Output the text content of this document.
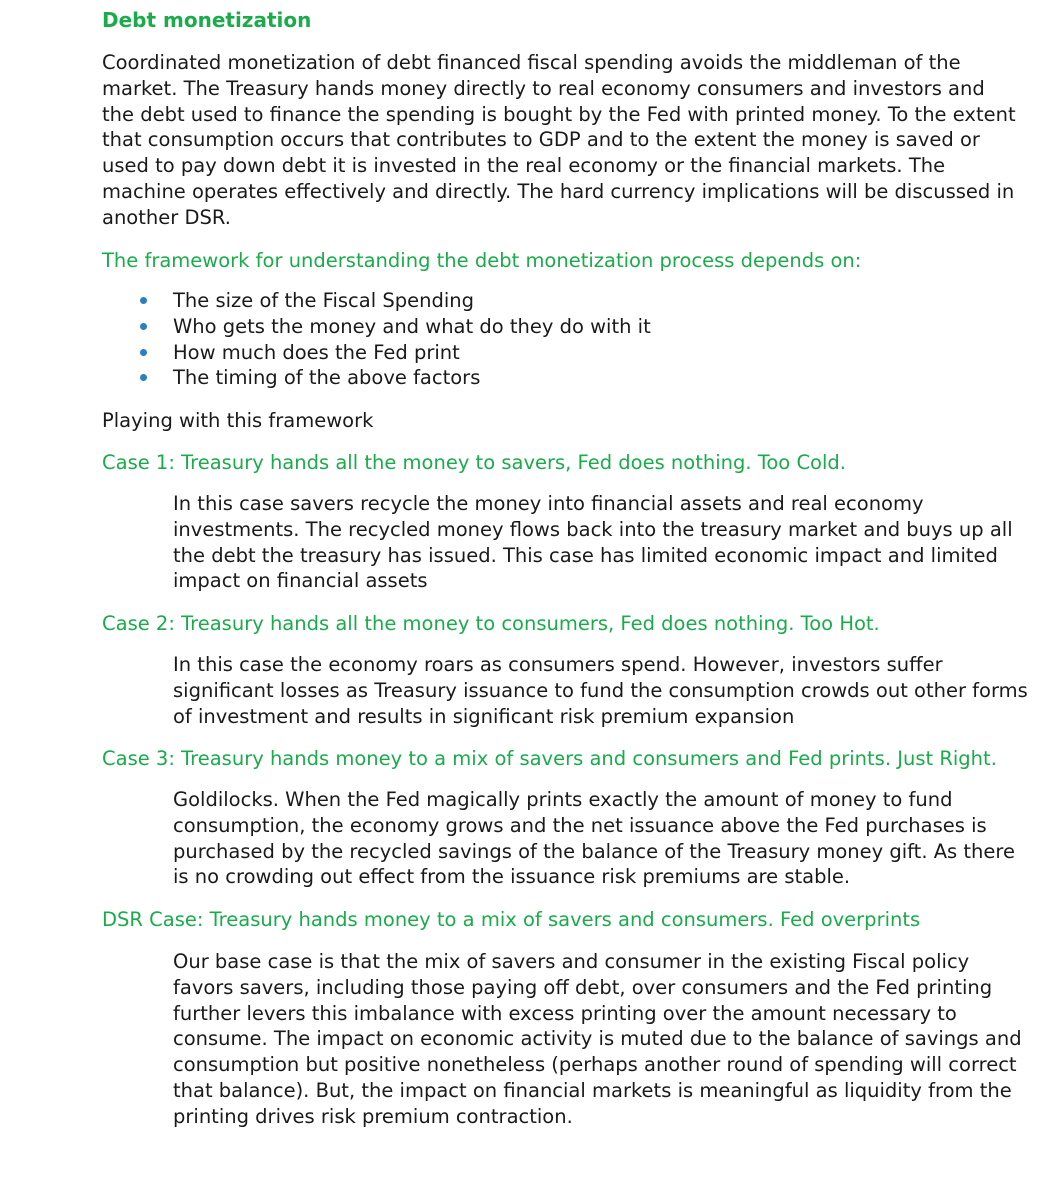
Debt monetization

Coordinated monetization of debt financed fiscal spending avoids the middleman of the market. The Treasury hands money directly to real economy consumers and investors and the debt used to finance the spending is bought by the Fed with printed money. To the extent that consumption occurs that contributes to GDP and to the extent the money is saved or used to pay down debt it is invested in the real economy or the financial markets. The machine operates effectively and directly. The hard currency implications will be discussed in another DSR.

The framework for understanding the debt monetization process depends on:

The size of the Fiscal Spending
Who gets the money and what do they do with it
How much does the Fed print
The timing of the above factors

Playing with this framework

Case 1: Treasury hands all the money to savers, Fed does nothing. Too Cold.

In this case savers recycle the money into financial assets and real economy investments. The recycled money flows back into the treasury market and buys up all the debt the treasury has issued. This case has limited economic impact and limited impact on financial assets

Case 2: Treasury hands all the money to consumers, Fed does nothing. Too Hot.

In this case the economy roars as consumers spend. However, investors suffer significant losses as Treasury issuance to fund the consumption crowds out other forms of investment and results in significant risk premium expansion

Case 3: Treasury hands money to a mix of savers and consumers and Fed prints. Just Right.

Goldilocks. When the Fed magically prints exactly the amount of money to fund consumption, the economy grows and the net issuance above the Fed purchases is purchased by the recycled savings of the balance of the Treasury money gift. As there is no crowding out effect from the issuance risk premiums are stable.

DSR Case: Treasury hands money to a mix of savers and consumers. Fed overprints

Our base case is that the mix of savers and consumer in the existing Fiscal policy favors savers, including those paying off debt, over consumers and the Fed printing further levers this imbalance with excess printing over the amount necessary to consume. The impact on economic activity is muted due to the balance of savings and consumption but positive nonetheless (perhaps another round of spending will correct that balance). But, the impact on financial markets is meaningful as liquidity from the printing drives risk premium contraction.
